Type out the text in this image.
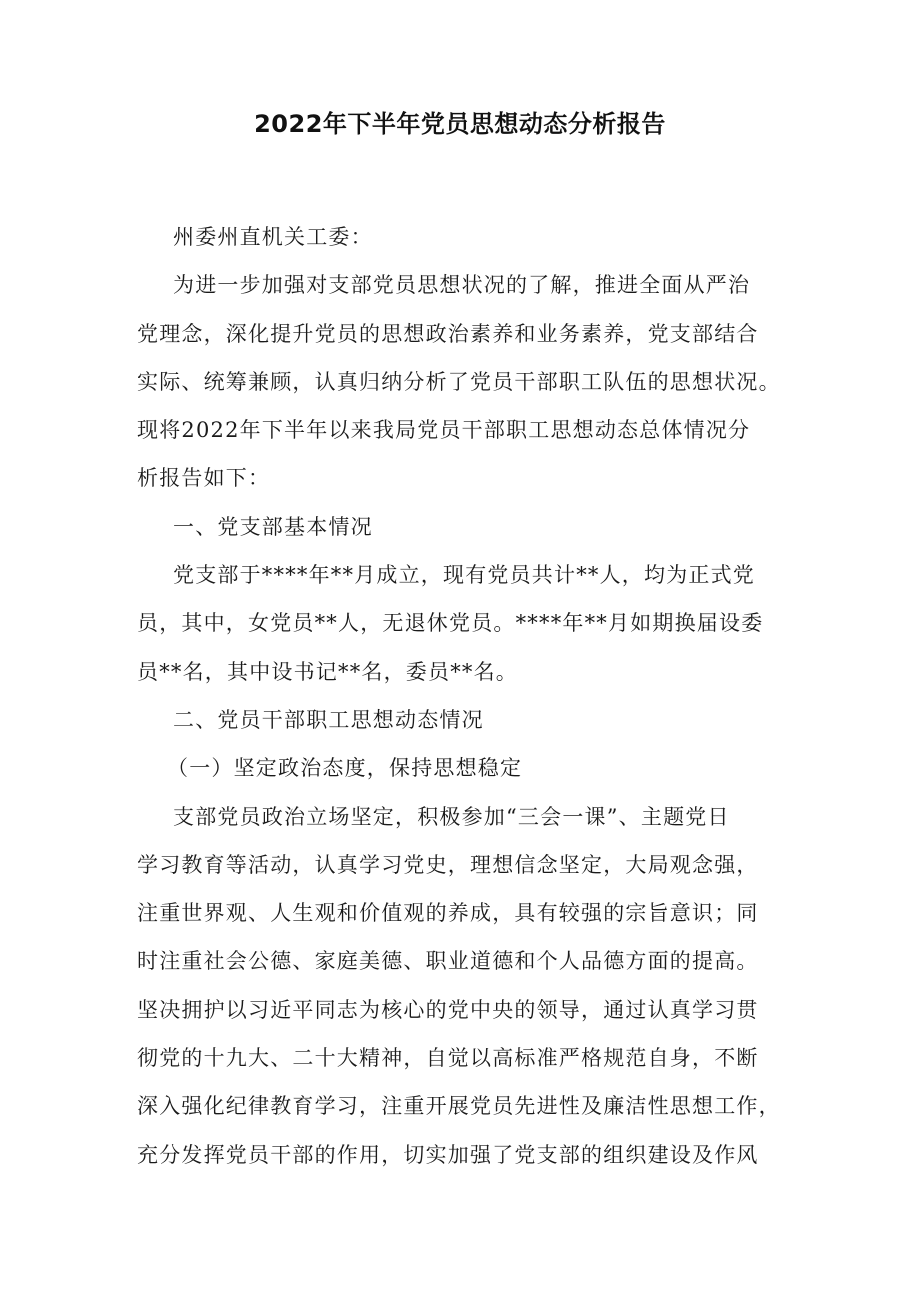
2022年下半年党员思想动态分析报告
州委州直机关工委：
为进一步加强对支部党员思想状况的了解，推进全面从严治
党理念，深化提升党员的思想政治素养和业务素养，党支部结合
实际、统筹兼顾，认真归纳分析了党员干部职工队伍的思想状况。
现将2022年下半年以来我局党员干部职工思想动态总体情况分
析报告如下：
一、党支部基本情况
党支部于****年**月成立，现有党员共计**人，均为正式党
员，其中，女党员**人，无退休党员。****年**月如期换届设委
员**名，其中设书记**名，委员**名。
二、党员干部职工思想动态情况
（一）坚定政治态度，保持思想稳定
支部党员政治立场坚定，积极参加“三会一课”、主题党日
学习教育等活动，认真学习党史，理想信念坚定，大局观念强，
注重世界观、人生观和价值观的养成，具有较强的宗旨意识；同
时注重社会公德、家庭美德、职业道德和个人品德方面的提高。
坚决拥护以习近平同志为核心的党中央的领导，通过认真学习贯
彻党的十九大、二十大精神，自觉以高标准严格规范自身，不断
深入强化纪律教育学习，注重开展党员先进性及廉洁性思想工作，
充分发挥党员干部的作用，切实加强了党支部的组织建设及作风
